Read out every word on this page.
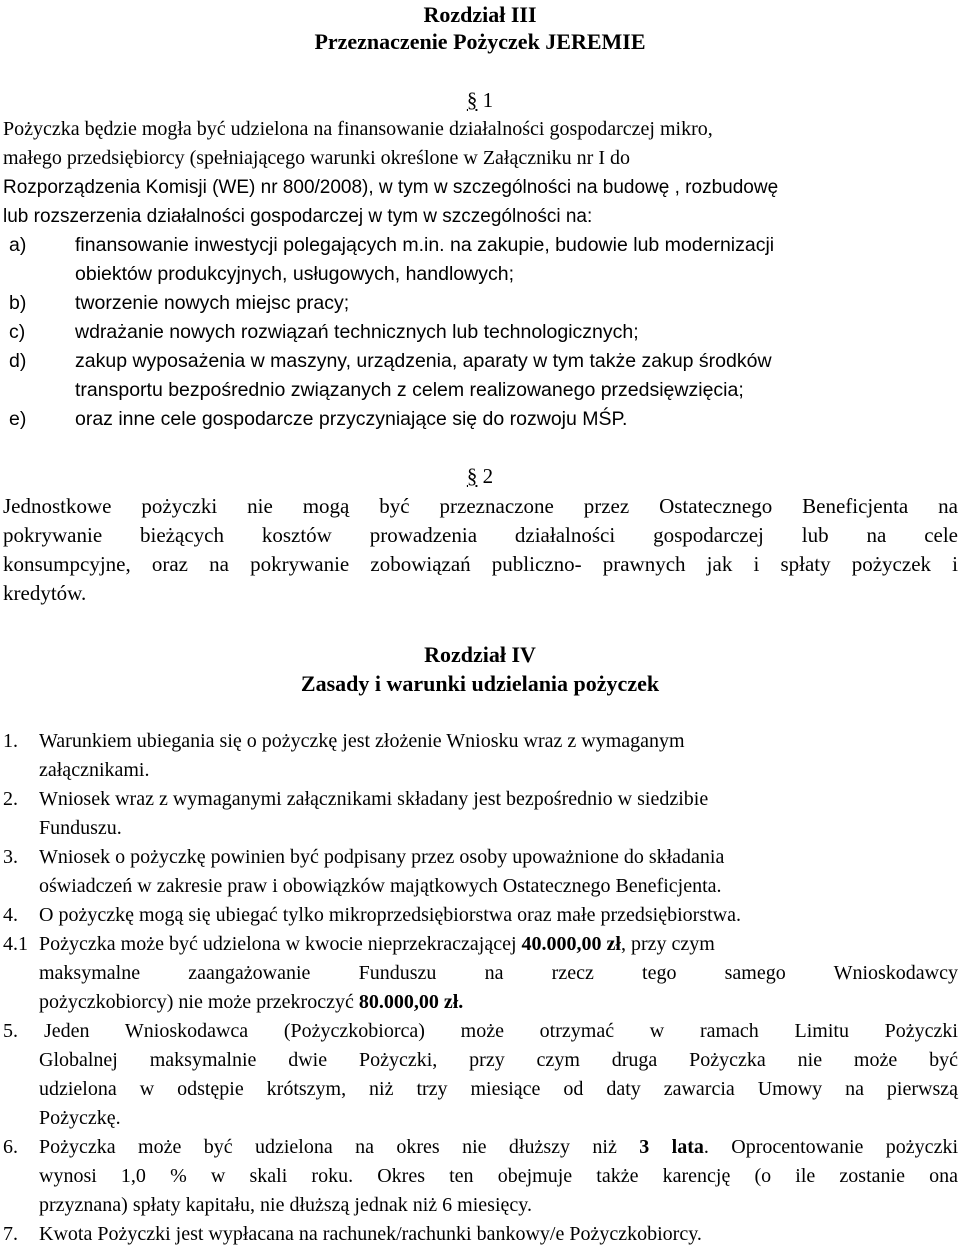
Rozdział III
Przeznaczenie Pożyczek JEREMIE
§ 1
Pożyczka będzie mogła być udzielona na finansowanie działalności gospodarczej mikro,
małego przedsiębiorcy (spełniającego warunki określone w Załączniku nr I do
Rozporządzenia Komisji (WE) nr 800/2008), w tym w szczególności na budowę , rozbudowę
lub rozszerzenia działalności gospodarczej w tym w szczególności na:
a) finansowanie inwestycji polegających m.in. na zakupie, budowie lub modernizacji
obiektów produkcyjnych, usługowych, handlowych;
b) tworzenie nowych miejsc pracy;
c)	wdrażanie nowych rozwiązań technicznych lub technologicznych;
d) zakup wyposażenia w maszyny, urządzenia, aparaty w tym także zakup środków
transportu bezpośrednio związanych z celem realizowanego przedsięwzięcia;
e) oraz inne cele gospodarcze przyczyniające się do rozwoju MŚP.
§ 2
Jednostkowe pożyczki nie mogą być przeznaczone przez Ostatecznego Beneficjenta na
pokrywanie bieżących kosztów prowadzenia działalności gospodarczej lub na cele
konsumpcyjne, oraz na pokrywanie zobowiązań publiczno- prawnych jak i spłaty pożyczek i
kredytów.
Rozdział IV
Zasady i warunki udzielania pożyczek
1. Warunkiem ubiegania się o pożyczkę jest złożenie Wniosku wraz z wymaganym
załącznikami.
2. Wniosek wraz z wymaganymi załącznikami składany jest bezpośrednio w siedzibie
Funduszu.
3. Wniosek o pożyczkę powinien być podpisany przez osoby upoważnione do składania
oświadczeń w zakresie praw i obowiązków majątkowych Ostatecznego Beneficjenta.
4. O pożyczkę mogą się ubiegać tylko mikroprzedsiębiorstwa oraz małe przedsiębiorstwa.
4.1 Pożyczka może być udzielona w kwocie nieprzekraczającej 40.000,00 zł, przy czym
maksymalne zaangażowanie Funduszu na rzecz tego samego Wnioskodawcy
pożyczkobiorcy) nie może przekroczyć 80.000,00 zł.
5. Jeden Wnioskodawca (Pożyczkobiorca) może otrzymać w ramach Limitu Pożyczki
Globalnej maksymalnie dwie Pożyczki, przy czym druga Pożyczka nie może być
udzielona w odstępie krótszym, niż trzy miesiące od daty zawarcia Umowy na pierwszą
Pożyczkę.
6. Pożyczka może być udzielona na okres nie dłuższy niż 3 lata. Oprocentowanie pożyczki
wynosi 1,0 % w skali roku. Okres ten obejmuje także karencję (o ile zostanie ona
przyznana) spłaty kapitału, nie dłuższą jednak niż 6 miesięcy.
7. Kwota Pożyczki jest wypłacana na rachunek/rachunki bankowy/e Pożyczkobiorcy.
